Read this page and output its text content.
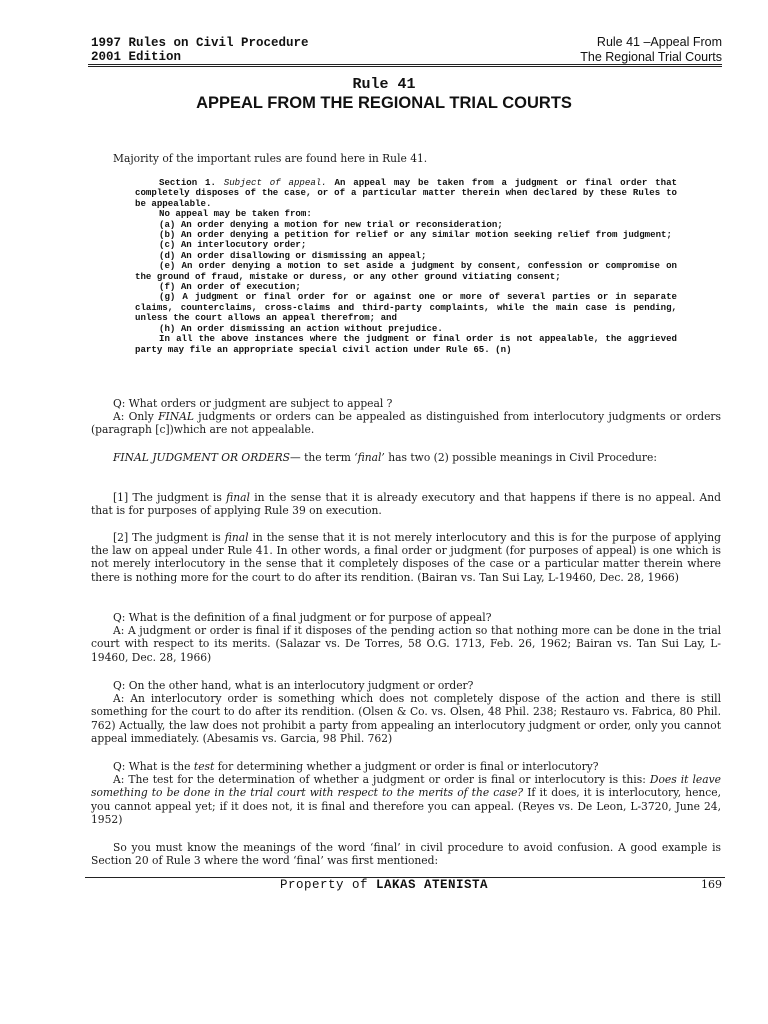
1997 Rules on Civil Procedure
2001 Edition
Rule 41 –Appeal From
The Regional Trial Courts
Rule 41
APPEAL FROM THE REGIONAL TRIAL COURTS
Majority of the important rules are found here in Rule 41.

Section 1. Subject of appeal. An appeal may be taken from a judgment or final order that completely disposes of the case, or of a particular matter therein when declared by these Rules to be appealable.

No appeal may be taken from:

(a) An order denying a motion for new trial or reconsideration;

(b) An order denying a petition for relief or any similar motion seeking relief from judgment;

(c) An interlocutory order;

(d) An order disallowing or dismissing an appeal;

(e) An order denying a motion to set aside a judgment by consent, confession or compromise on the ground of fraud, mistake or duress, or any other ground vitiating consent;

(f) An order of execution;

(g) A judgment or final order for or against one or more of several parties or in separate claims, counterclaims, cross-claims and third-party complaints, while the main case is pending, unless the court allows an appeal therefrom; and

(h) An order dismissing an action without prejudice.

In all the above instances where the judgment or final order is not appealable, the aggrieved party may file an appropriate special civil action under Rule 65. (n)

Q: What orders or judgment are subject to appeal ?

A: Only FINAL judgments or orders can be appealed as distinguished from interlocutory judgments or orders (paragraph [c])which are not appealable.

FINAL JUDGMENT OR ORDERS— the term ‘final’ has two (2) possible meanings in Civil Procedure:

[1] The judgment is final in the sense that it is already executory and that happens if there is no appeal. And that is for purposes of applying Rule 39 on execution.

[2] The judgment is final in the sense that it is not merely interlocutory and this is for the purpose of applying the law on appeal under Rule 41. In other words, a final order or judgment (for purposes of appeal) is one which is not merely interlocutory in the sense that it completely disposes of the case or a particular matter therein where there is nothing more for the court to do after its rendition. (Bairan vs. Tan Sui Lay, L-19460, Dec. 28, 1966)

Q: What is the definition of a final judgment or for purpose of appeal?

A: A judgment or order is final if it disposes of the pending action so that nothing more can be done in the trial court with respect to its merits. (Salazar vs. De Torres, 58 O.G. 1713, Feb. 26, 1962; Bairan vs. Tan Sui Lay, L-19460, Dec. 28, 1966)

Q: On the other hand, what is an interlocutory judgment or order?

A: An interlocutory order is something which does not completely dispose of the action and there is still something for the court to do after its rendition. (Olsen & Co. vs. Olsen, 48 Phil. 238; Restauro vs. Fabrica, 80 Phil. 762) Actually, the law does not prohibit a party from appealing an interlocutory judgment or order, only you cannot appeal immediately. (Abesamis vs. Garcia, 98 Phil. 762)

Q: What is the test for determining whether a judgment or order is final or interlocutory?

A: The test for the determination of whether a judgment or order is final or interlocutory is this: Does it leave something to be done in the trial court with respect to the merits of the case? If it does, it is interlocutory, hence, you cannot appeal yet; if it does not, it is final and therefore you can appeal. (Reyes vs. De Leon, L-3720, June 24, 1952)

So you must know the meanings of the word ‘final’ in civil procedure to avoid confusion. A good example is Section 20 of Rule 3 where the word ‘final’ was first mentioned:

Property of LAKAS ATENISTA	169
